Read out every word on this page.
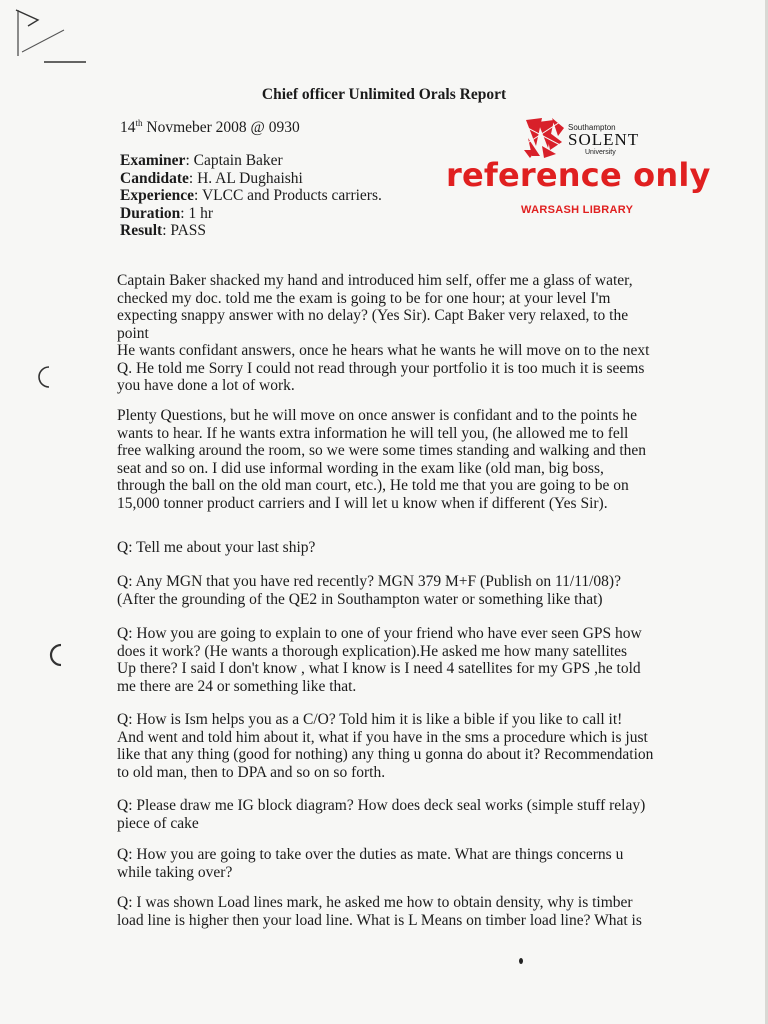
Chief officer Unlimited Orals Report
14th Novmeber 2008 @ 0930
Examiner: Captain Baker
Candidate: H. AL Dughaishi
Experience: VLCC and Products carriers.
Duration: 1 hr
Result: PASS
Southampton
SOLENT
University
reference only
WARSASH LIBRARY
Captain Baker shacked my hand and introduced him self, offer me a glass of water,
checked my doc. told me the exam is going to be for one hour; at your level I'm
expecting snappy answer with no delay? (Yes Sir). Capt Baker very relaxed, to the
point
He wants confidant answers, once he hears what he wants he will move on to the next
Q. He told me Sorry I could not read through your portfolio it is too much it is seems
you have done a lot of work.
Plenty Questions, but he will move on once answer is confidant and to the points he
wants to hear. If he wants extra information he will tell you, (he allowed me to fell
free walking around the room, so we were some times standing and walking and then
seat and so on. I did use informal wording in the exam like (old man, big boss,
through the ball on the old man court, etc.), He told me that you are going to be on
15,000 tonner product carriers and I will let u know when if different (Yes Sir).
Q: Tell me about your last ship?
Q: Any MGN that you have red recently? MGN 379 M+F (Publish on 11/11/08)?
(After the grounding of the QE2 in Southampton water or something like that)
Q: How you are going to explain to one of your friend who have ever seen GPS how
does it work? (He wants a thorough explication).He asked me how many satellites
Up there? I said I don't know , what I know is I need 4 satellites for my GPS ,he told
me there are 24 or something like that.
Q: How is Ism helps you as a C/O? Told him it is like a bible if you like to call it!
And went and told him about it, what if you have in the sms a procedure which is just
like that any thing (good for nothing) any thing u gonna do about it? Recommendation
to old man, then to DPA and so on so forth.
Q: Please draw me IG block diagram? How does deck seal works (simple stuff relay)
piece of cake
Q: How you are going to take over the duties as mate. What are things concerns u
while taking over?
Q: I was shown Load lines mark, he asked me how to obtain density, why is timber
load line is higher then your load line. What is L Means on timber load line? What is
